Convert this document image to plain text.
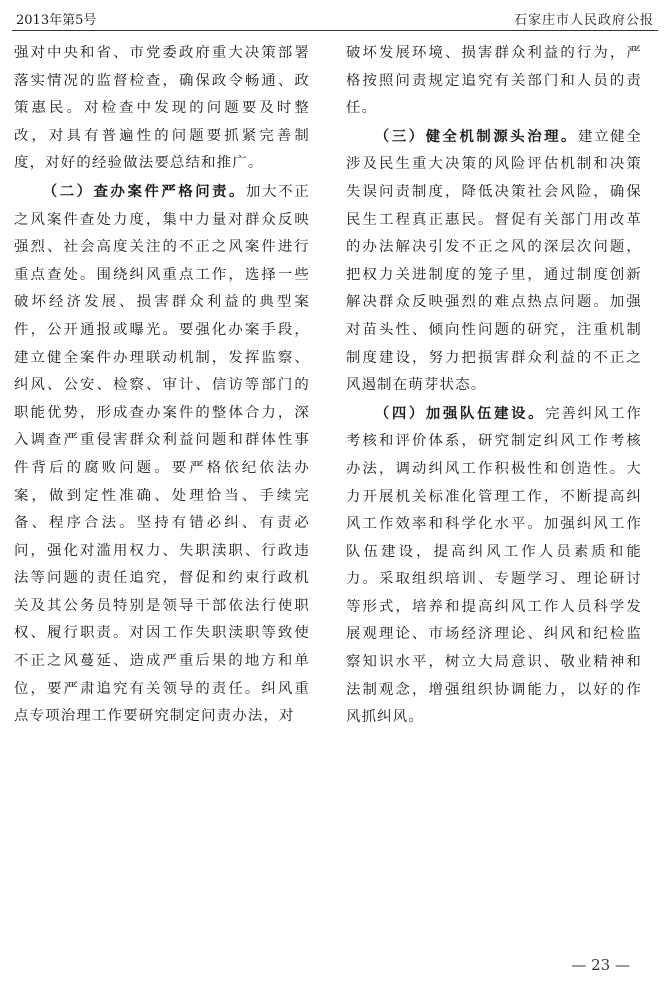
2013年第5号	石家庄市人民政府公报

强对中央和省、市党委政府重大决策部署落实情况的监督检查，确保政令畅通、政策惠民。对检查中发现的问题要及时整改，对具有普遍性的问题要抓紧完善制度，对好的经验做法要总结和推广。

（二）查办案件严格问责。加大不正之风案件查处力度，集中力量对群众反映强烈、社会高度关注的不正之风案件进行重点查处。围绕纠风重点工作，选择一些破坏经济发展、损害群众利益的典型案件，公开通报或曝光。要强化办案手段，建立健全案件办理联动机制，发挥监察、纠风、公安、检察、审计、信访等部门的职能优势，形成查办案件的整体合力，深入调查严重侵害群众利益问题和群体性事件背后的腐败问题。要严格依纪依法办案，做到定性准确、处理恰当、手续完备、程序合法。坚持有错必纠、有责必问，强化对滥用权力、失职渎职、行政违法等问题的责任追究，督促和约束行政机关及其公务员特别是领导干部依法行使职权、履行职责。对因工作失职渎职等致使不正之风蔓延、造成严重后果的地方和单位，要严肃追究有关领导的责任。纠风重点专项治理工作要研究制定问责办法，对

破坏发展环境、损害群众利益的行为，严格按照问责规定追究有关部门和人员的责任。

（三）健全机制源头治理。建立健全涉及民生重大决策的风险评估机制和决策失误问责制度，降低决策社会风险，确保民生工程真正惠民。督促有关部门用改革的办法解决引发不正之风的深层次问题，把权力关进制度的笼子里，通过制度创新解决群众反映强烈的难点热点问题。加强对苗头性、倾向性问题的研究，注重机制制度建设，努力把损害群众利益的不正之风遏制在萌芽状态。

（四）加强队伍建设。完善纠风工作考核和评价体系，研究制定纠风工作考核办法，调动纠风工作积极性和创造性。大力开展机关标准化管理工作，不断提高纠风工作效率和科学化水平。加强纠风工作队伍建设，提高纠风工作人员素质和能力。采取组织培训、专题学习、理论研讨等形式，培养和提高纠风工作人员科学发展观理论、市场经济理论、纠风和纪检监察知识水平，树立大局意识、敬业精神和法制观念，增强组织协调能力，以好的作风抓纠风。

— 23 —
